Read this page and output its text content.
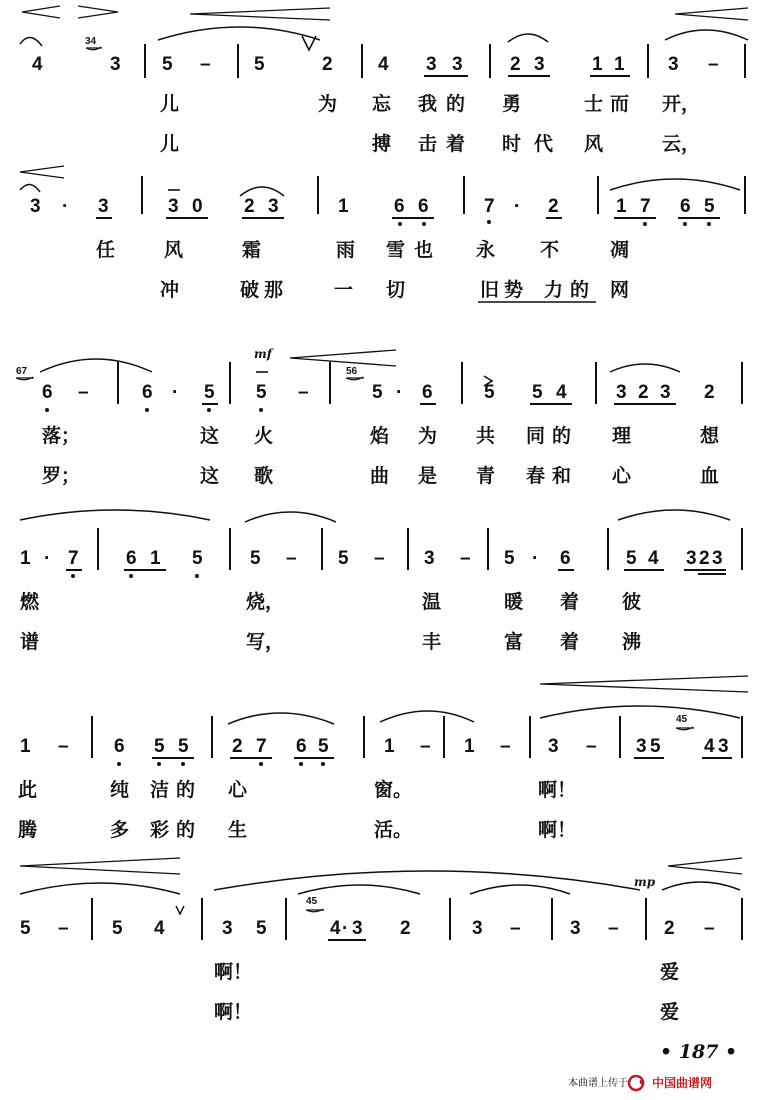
4
34
3 5 – 5	2 4 3 3 2 3 1 1 3 –
儿	为 忘 我 的 勇	士 而 开，
儿	搏 击 着 时 代 风	云，
3 · 3	3 0 2 3	1 6 6	7 · 2	1 7 6 5
任	风	霜	雨 雪 也 永 不	凋
冲	破 那	一 切	旧 势 力 的 网
mf
67
6 –	6 · 5 5 –
56
5 · 6	5 5 4	3 2 3 2
落；	这 火	焰 为 共 同 的 理	想
罗；	这 歌	曲 是 青 春 和 心	血
1 · 7 6 1 5 5 – 5 – 3 – 5 · 6	5 4 3 2 3
燃	烧，	温	暖 着 彼
谱	写，	丰	富 着 沸
1 – 6 5 5 2 7 6 5	1 – 1 – 3 – 3 5
45
4 3
此	纯 洁 的 心	窗。	啊！
腾	多 彩 的 生	活。	啊！
mp
5 – 5 4	3 5
45
4 · 3 2	3 –	3 – 2 –
啊！	爱
啊！	爱
• 187 •
本曲谱上传于 中国曲谱网
